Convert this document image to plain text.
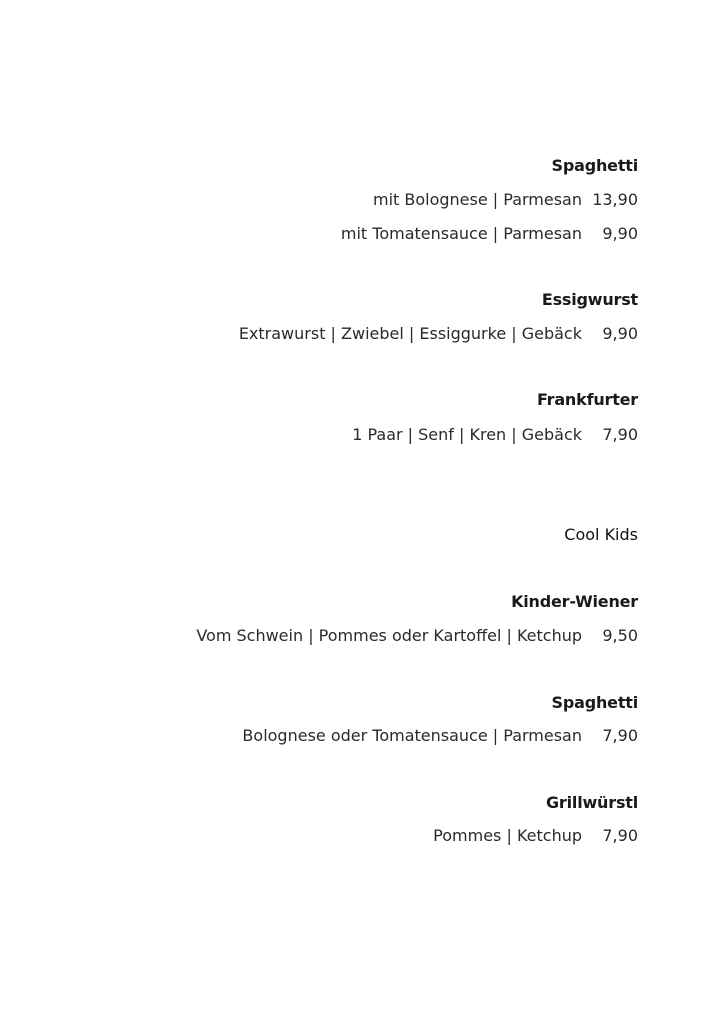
Spaghetti
mit Bolognese | Parmesan 13,90
mit Tomatensauce | Parmesan 9,90
Essigwurst
Extrawurst | Zwiebel | Essiggurke | Gebäck 9,90
Frankfurter
1 Paar | Senf | Kren | Gebäck 7,90
Cool Kids
Kinder-Wiener
Vom Schwein | Pommes oder Kartoffel | Ketchup 9,50
Spaghetti
Bolognese oder Tomatensauce | Parmesan 7,90
Grillwürstl
Pommes | Ketchup 7,90
